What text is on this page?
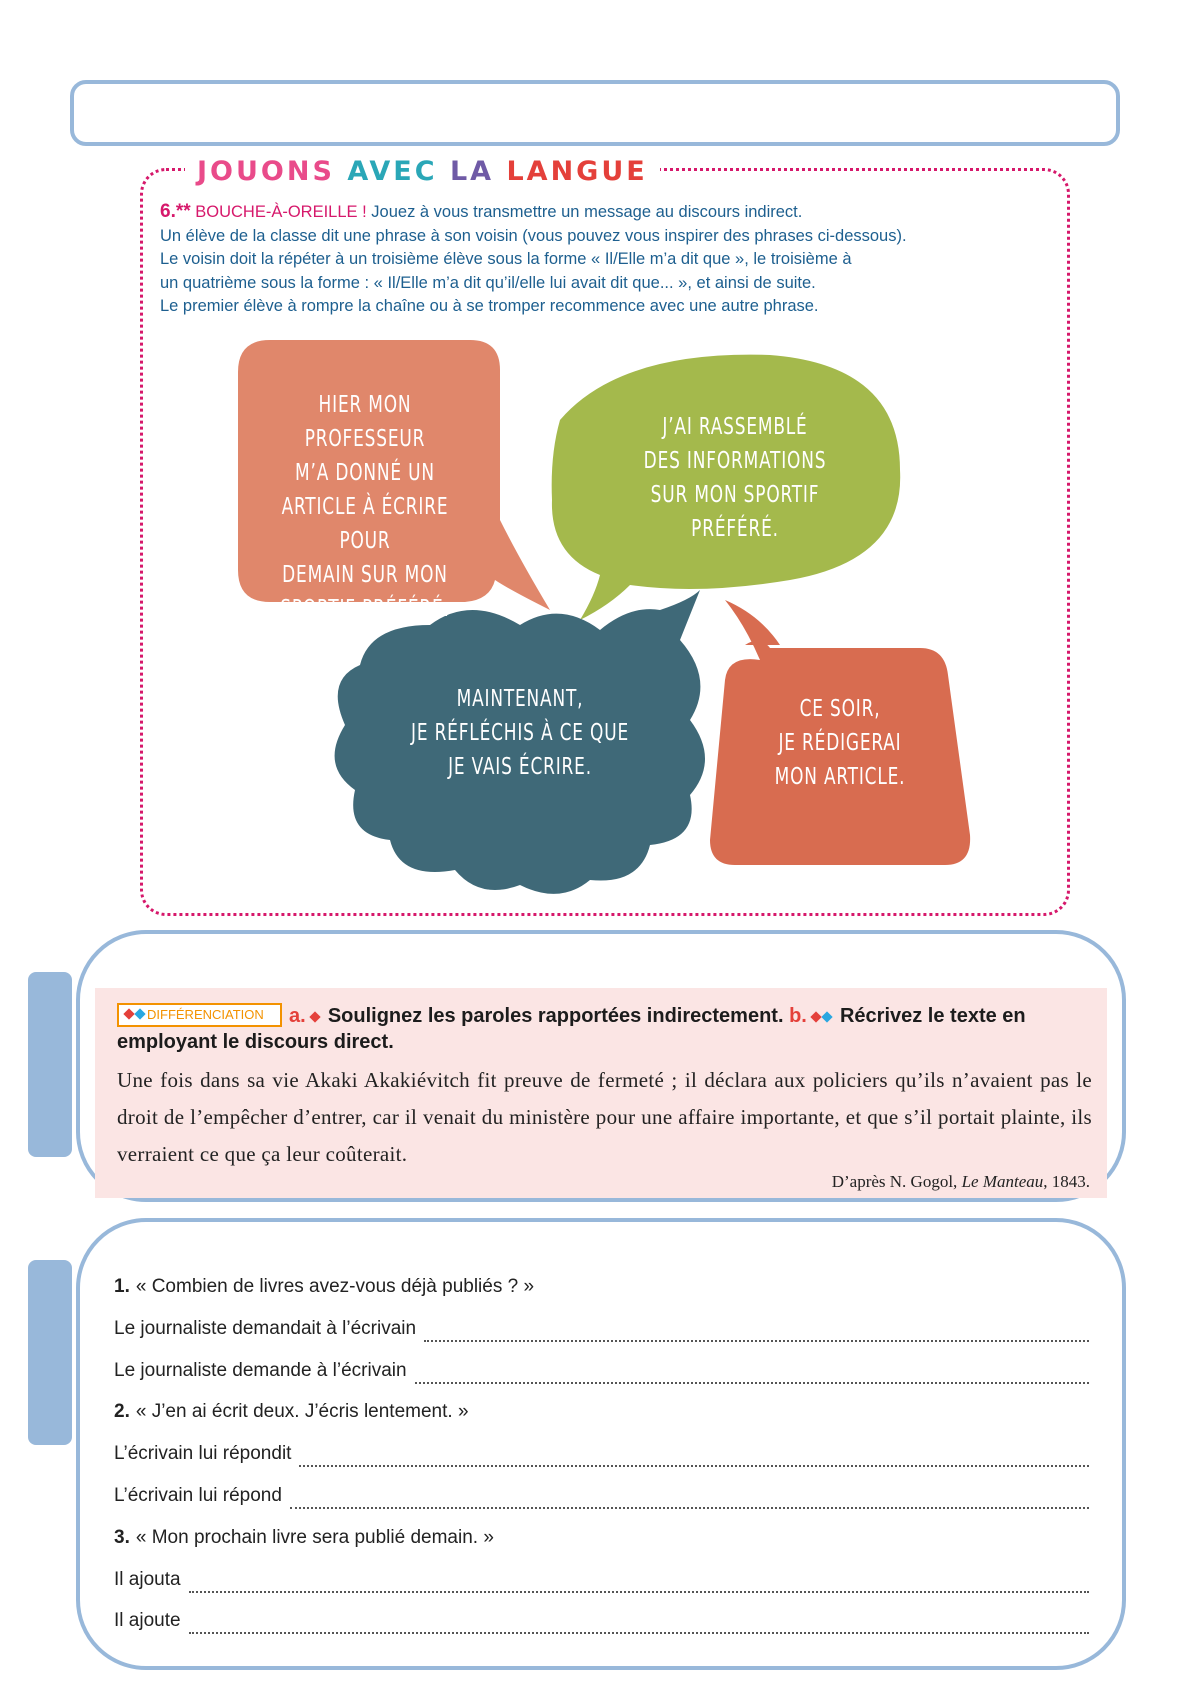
JOUONS AVEC LA LANGUE
6.** BOUCHE-À-OREILLE ! Jouez à vous transmettre un message au discours indirect.
Un élève de la classe dit une phrase à son voisin (vous pouvez vous inspirer des phrases ci-dessous).
Le voisin doit la répéter à un troisième élève sous la forme « Il/Elle m’a dit que », le troisième à
un quatrième sous la forme : « Il/Elle m’a dit qu’il/elle lui avait dit que... », et ainsi de suite.
Le premier élève à rompre la chaîne ou à se tromper recommence avec une autre phrase.
HIER MON PROFESSEUR
M’A DONNÉ UN
ARTICLE À ÉCRIRE POUR
DEMAIN SUR MON
SPORTIF PRÉFÉRÉ.
J’AI RASSEMBLÉ
DES INFORMATIONS
SUR MON SPORTIF PRÉFÉRÉ.
MAINTENANT,
JE RÉFLÉCHIS À CE QUE
JE VAIS ÉCRIRE.
CE SOIR,
JE RÉDIGERAI
MON ARTICLE.
a. Soulignez les paroles rapportées indirectement. b. Récrivez le texte en employant le discours direct.
DIFFÉRENCIATION
Une fois dans sa vie Akaki Akakiévitch fit preuve de fermeté ; il déclara aux policiers qu’ils n’avaient pas le droit de l’empêcher d’entrer, car il venait du ministère pour une affaire importante, et que s’il portait plainte, ils verraient ce que ça leur coûterait.
D’après N. Gogol, Le Manteau, 1843.
1. « Combien de livres avez-vous déjà publiés ? »
Le journaliste demandait à l’écrivain
Le journaliste demande à l’écrivain
2. « J’en ai écrit deux. J’écris lentement. »
L’écrivain lui répondit
L’écrivain lui répond
3. « Mon prochain livre sera publié demain. »
Il ajouta
Il ajoute
